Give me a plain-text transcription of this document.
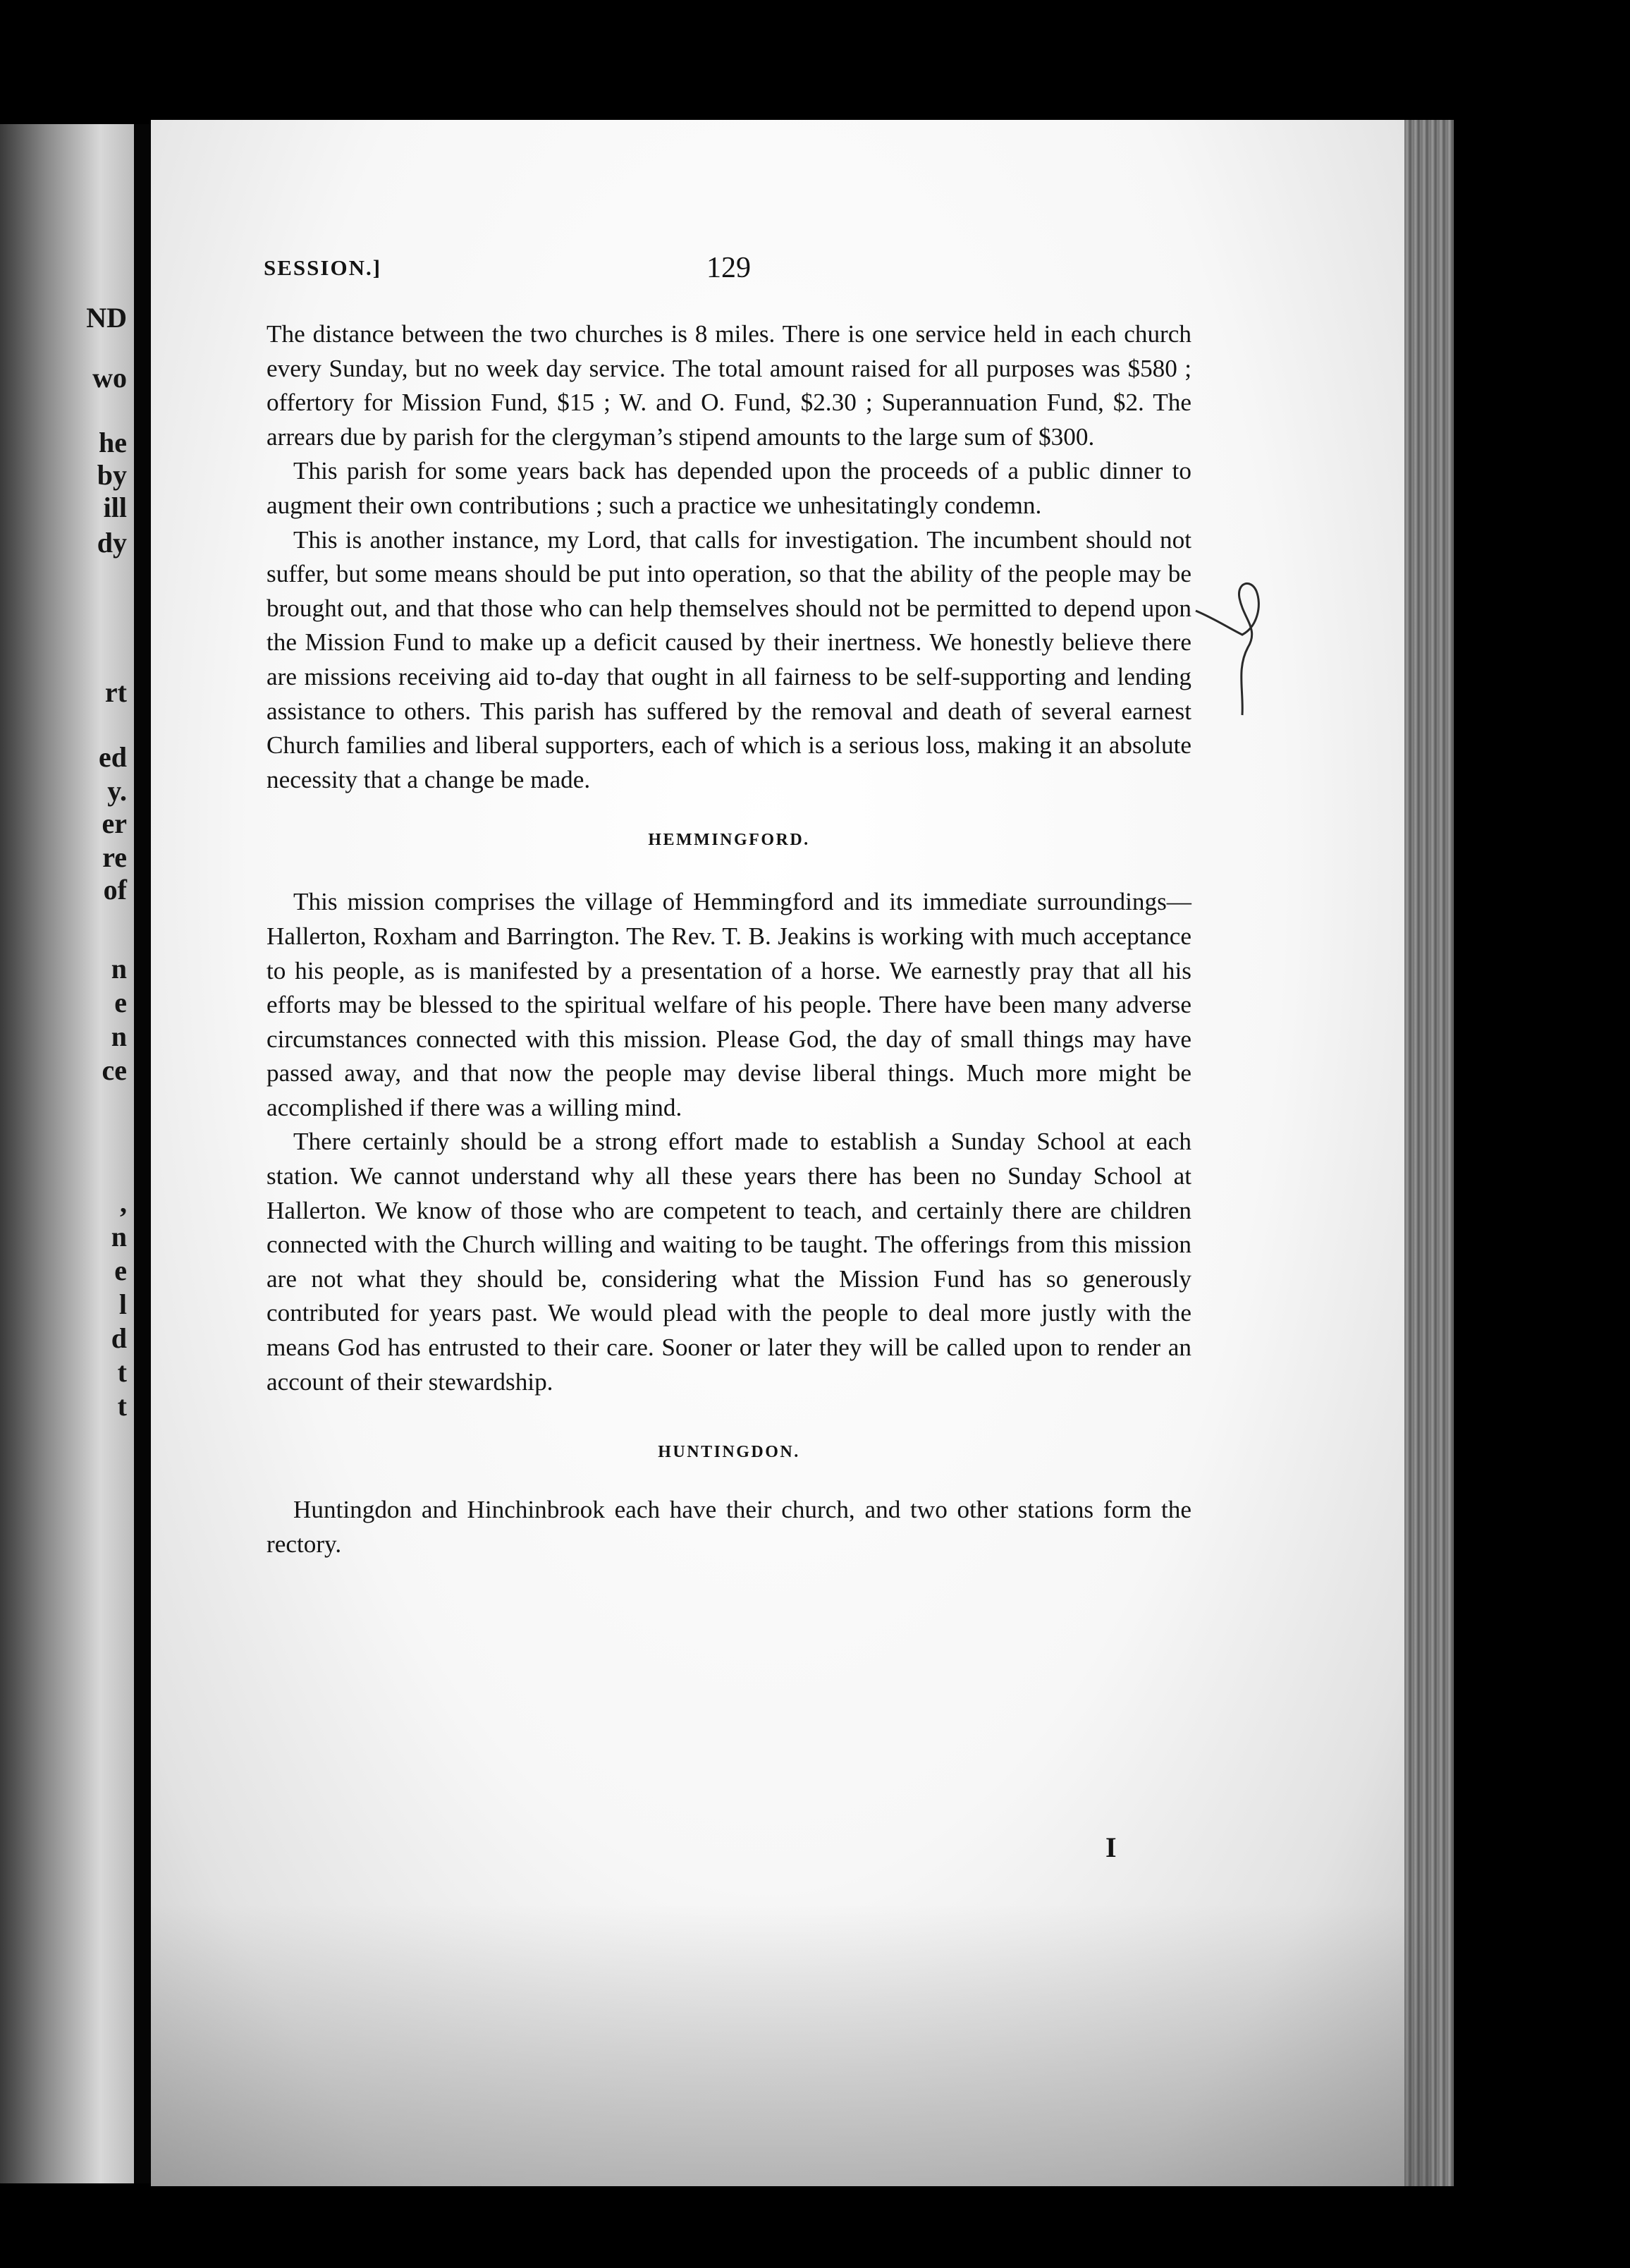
ND
wo
he
by
ill
dy
rt
ed
y.
er
re
of
n
e
n
ce
,
n
e
l
d
t
t
SESSION.]	129

The distance between the two churches is 8 miles. There is one service held in each church every Sunday, but no week day service. The total amount raised for all purposes was $580 ; offertory for Mission Fund, $15 ; W. and O. Fund, $2.30 ; Superannuation Fund, $2. The arrears due by parish for the clergyman’s stipend amounts to the large sum of $300.

This parish for some years back has depended upon the proceeds of a public dinner to augment their own contributions ; such a practice we unhesitatingly condemn.

This is another instance, my Lord, that calls for investigation. The incumbent should not suffer, but some means should be put into operation, so that the ability of the people may be brought out, and that those who can help themselves should not be permitted to depend upon the Mission Fund to make up a deficit caused by their inertness. We honestly believe there are missions receiving aid to-day that ought in all fairness to be self-supporting and lending assistance to others. This parish has suffered by the removal and death of several earnest Church families and liberal supporters, each of which is a serious loss, making it an absolute necessity that a change be made.

HEMMINGFORD.

This mission comprises the village of Hemmingford and its immediate surroundings—Hallerton, Roxham and Barrington. The Rev. T. B. Jeakins is working with much acceptance to his people, as is manifested by a presentation of a horse. We earnestly pray that all his efforts may be blessed to the spiritual welfare of his people. There have been many adverse circumstances connected with this mission. Please God, the day of small things may have passed away, and that now the people may devise liberal things. Much more might be accomplished if there was a willing mind.

There certainly should be a strong effort made to establish a Sunday School at each station. We cannot understand why all these years there has been no Sunday School at Hallerton. We know of those who are competent to teach, and certainly there are children connected with the Church willing and waiting to be taught. The offerings from this mission are not what they should be, considering what the Mission Fund has so generously contributed for years past. We would plead with the people to deal more justly with the means God has entrusted to their care. Sooner or later they will be called upon to render an account of their stewardship.

HUNTINGDON.

Huntingdon and Hinchinbrook each have their church, and two other stations form the rectory.

I
